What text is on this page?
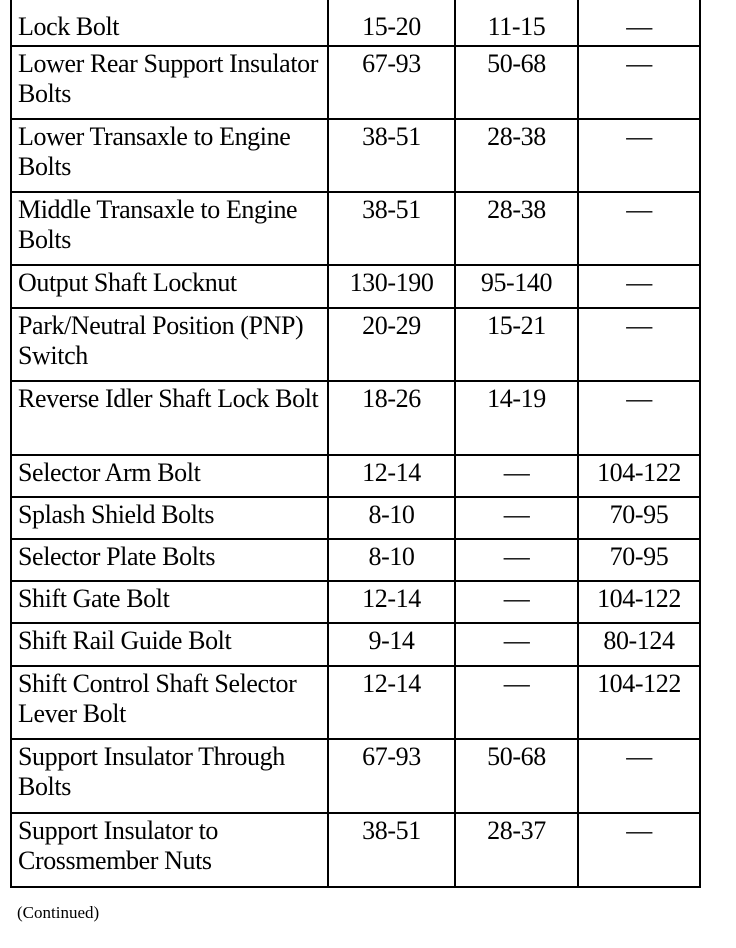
Lock Bolt	15-20	11-15	—
Lower Rear Support Insulator Bolts	67-93	50-68	—
Lower Transaxle to Engine Bolts	38-51	28-38	—
Middle Transaxle to Engine Bolts	38-51	28-38	—
Output Shaft Locknut	130-190	95-140	—
Park/Neutral Position (PNP) Switch	20-29	15-21	—
Reverse Idler Shaft Lock Bolt	18-26	14-19	—
Selector Arm Bolt	12-14	—	104-122
Splash Shield Bolts	8-10	—	70-95
Selector Plate Bolts	8-10	—	70-95
Shift Gate Bolt	12-14	—	104-122
Shift Rail Guide Bolt	9-14	—	80-124
Shift Control Shaft Selector Lever Bolt	12-14	—	104-122
Support Insulator Through Bolts	67-93	50-68	—
Support Insulator to Crossmember Nuts	38-51	28-37	—
(Continued)
